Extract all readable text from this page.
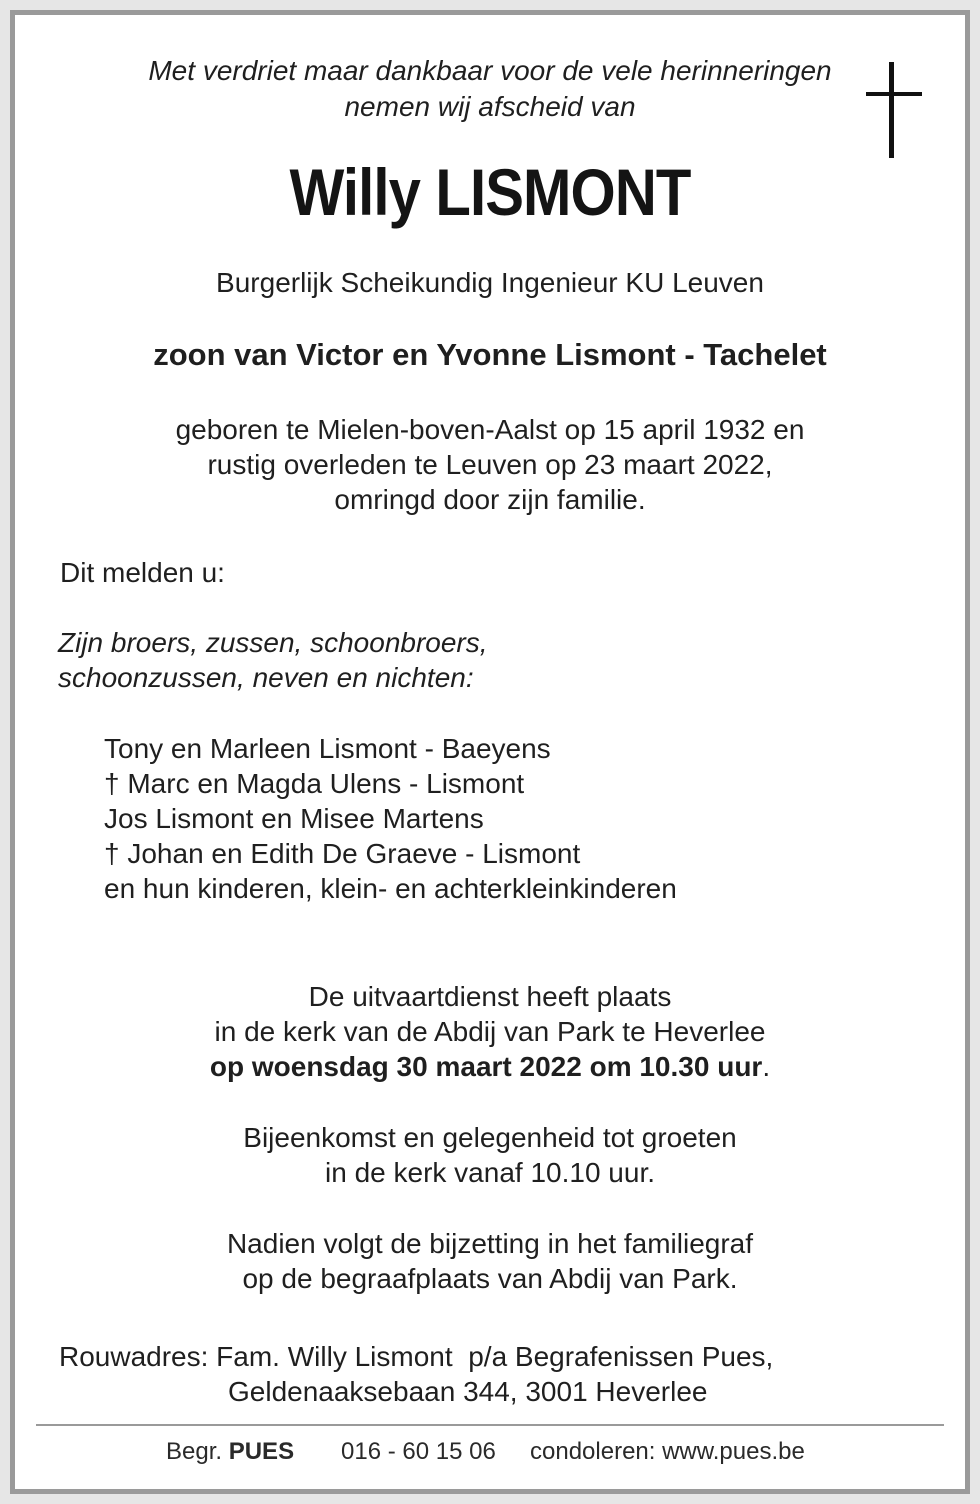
Met verdriet maar dankbaar voor de vele herinneringen
nemen wij afscheid van
Willy LISMONT
Burgerlijk Scheikundig Ingenieur KU Leuven
zoon van Victor en Yvonne Lismont - Tachelet
geboren te Mielen-boven-Aalst op 15 april 1932 en
rustig overleden te Leuven op 23 maart 2022,
omringd door zijn familie.
Dit melden u:
Zijn broers, zussen, schoonbroers,
schoonzussen, neven en nichten:
Tony en Marleen Lismont - Baeyens
† Marc en Magda Ulens - Lismont
Jos Lismont en Misee Martens
† Johan en Edith De Graeve - Lismont
en hun kinderen, klein- en achterkleinkinderen
De uitvaartdienst heeft plaats
in de kerk van de Abdij van Park te Heverlee
op woensdag 30 maart 2022 om 10.30 uur.
Bijeenkomst en gelegenheid tot groeten
in de kerk vanaf 10.10 uur.
Nadien volgt de bijzetting in het familiegraf
op de begraafplaats van Abdij van Park.
Rouwadres: Fam. Willy Lismont  p/a Begrafenissen Pues,
Geldenaaksebaan 344, 3001 Heverlee
Begr. PUES 016 - 60 15 06 condoleren: www.pues.be
